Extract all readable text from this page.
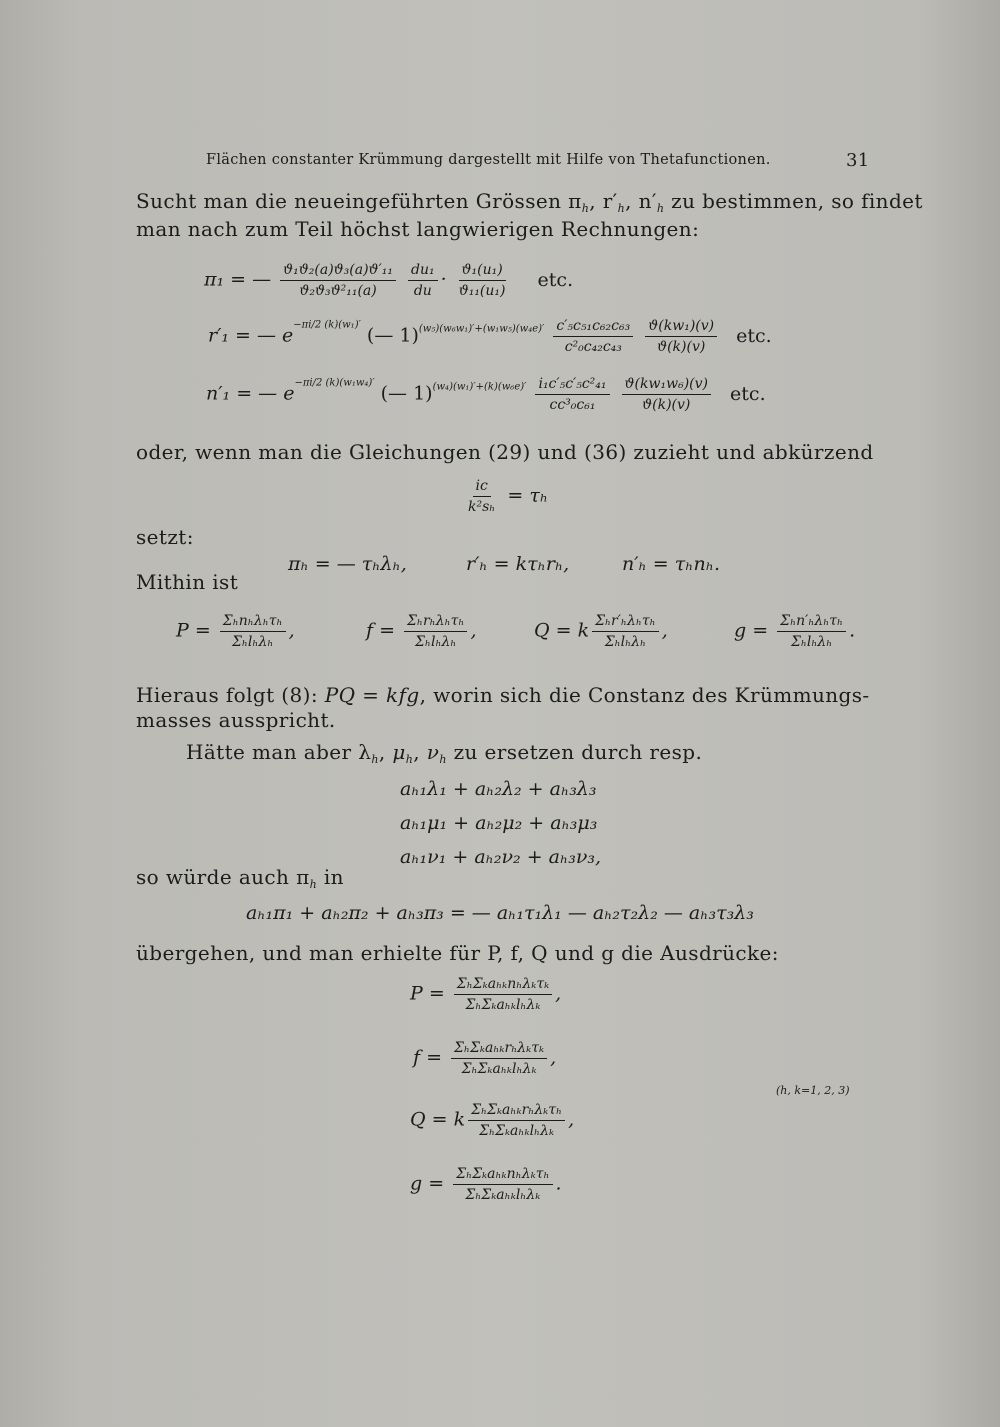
Flächen constanter Krümmung dargestellt mit Hilfe von Thetafunctionen.	31
Sucht man die neueingeführten Grössen $\pi_h$, $r'_h$, $n'_h$ zu bestimmen, so findet
man nach zum Teil höchst langwierigen Rechnungen:
π₁ = — $\frac{\text{ϑ₁ϑ₂(a)ϑ₃(a)ϑ′₁₁}}{\text{ϑ₂ϑ₃ϑ²₁₁(a)}}$
$\frac{\text{du₁}}{du} \cdot \frac{\text{ϑ₁(u₁)}}{\text{ϑ₁₁(u₁)}}$ etc.
r′₁ = — $e^{-\pi i/2 (k)(w_1)'}$ (— $1)^{(w_5)(w_6w_1)'+(w_1w_5)(w_4e)'} \frac{\text{c′₅c₅₁c₆₂c₆₃}}{\text{c²₀c₄₂c₄₃}}$
$\frac{\text{ϑ(kw₁)(v)}}{ϑ(k)(v)}$ etc.
n′₁ = — $e^{-\pi i/2 (k)(w_1w_4)'}$ (— $1)^{(w_4)(w_1)'+(k)(w_6e)'} \frac{\text{i₁c′₅c′₅c²₄₁}}{\text{cc³₀c₆₁}}$
$\frac{\text{ϑ(kw₁w₆)(v)}}{ϑ(k)(v)}$ etc.
oder, wenn man die Gleichungen (29) und (36) zuzieht und abkürzend
$\frac{ic}{\text{k²sₕ}} = \tau_h$
setzt:
πₕ = — τₕλₕ,	r′ₕ = kτₕrₕ,	n′ₕ = τₕnₕ.
Mithin ist
$P = \frac{\text{Σₕnₕλₕτₕ}}{\text{Σₕlₕλₕ}}$ ,	$f = \frac{\text{Σₕrₕλₕτₕ}}{\text{Σₕlₕλₕ}}$ ,	Q = k $\frac{\text{Σₕr′ₕλₕτₕ}}{\text{Σₕlₕλₕ}}$ ,	$g = \frac{\text{Σₕn′ₕλₕτₕ}}{\text{Σₕlₕλₕ}}$ .
Hieraus folgt (8): PQ = kfg, worin sich die Constanz des Krümmungs-
masses ausspricht.
Hätte man aber $\lambda_h$, $\mu_h$, $\nu_h$ zu ersetzen durch resp.
aₕ₁λ₁ + aₕ₂λ₂ + aₕ₃λ₃
aₕ₁μ₁ + aₕ₂μ₂ + aₕ₃μ₃
aₕ₁ν₁ + aₕ₂ν₂ + aₕ₃ν₃,
so würde auch $\pi_h$ in
aₕ₁π₁ + aₕ₂π₂ + aₕ₃π₃ = — aₕ₁τ₁λ₁ — aₕ₂τ₂λ₂ — aₕ₃τ₃λ₃
übergehen, und man erhielte für P, f, Q und g die Ausdrücke:
$P = \frac{\text{ΣₕΣₖaₕₖnₕλₖτₖ}}{\text{ΣₕΣₖaₕₖlₕλₖ}}$ ,
$f = \frac{\text{ΣₕΣₖaₕₖrₕλₖτₖ}}{\text{ΣₕΣₖaₕₖlₕλₖ}}$ ,
Q = k $\frac{\text{ΣₕΣₖaₕₖrₕλₖτₕ}}{\text{ΣₕΣₖaₕₖlₕλₖ}}$ ,
$g = \frac{\text{ΣₕΣₖaₕₖnₕλₖτₕ}}{\text{ΣₕΣₖaₕₖlₕλₖ}}$ .
(h, k=1, 2, 3)
